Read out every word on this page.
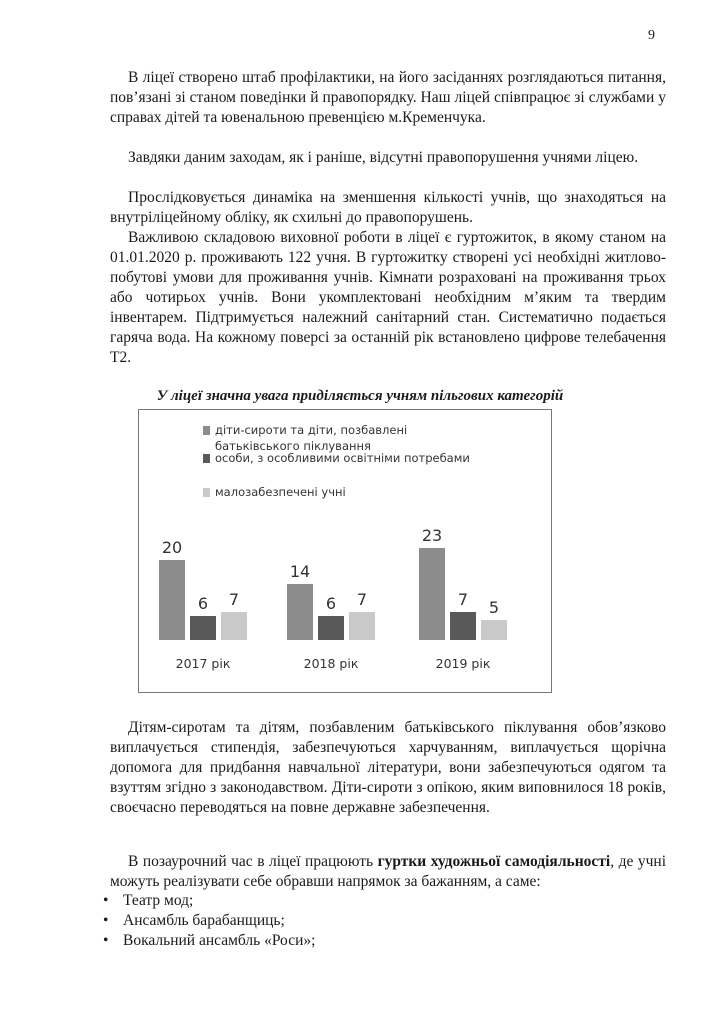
9

В ліцеї створено штаб профілактики, на його засіданнях розглядаються питання, пов’язані зі станом поведінки й правопорядку. Наш ліцей співпрацює зі службами у справах дітей та ювенальною превенцією м.Кременчука.

Завдяки даним заходам, як і раніше, відсутні правопорушення учнями ліцею.

Прослідковується динаміка на зменшення кількості учнів, що знаходяться на внутріліцейному обліку, як схильні до правопорушень.

Важливою складовою виховної роботи в ліцеї є гуртожиток, в якому станом на 01.01.2020 р. проживають 122 учня. В гуртожитку створені усі необхідні житлово-побутові умови для проживання учнів. Кімнати розраховані на проживання трьох або чотирьох учнів. Вони укомплектовані необхідним м’яким та твердим інвентарем. Підтримується належний санітарний стан. Систематично подається гаряча вода. На кожному поверсі за останній рік встановлено цифрове телебачення Т2.

У ліцеї значна увага приділяється учням пільгових категорій
діти-сироти та діти, позбавлені
батьківського піклування
особи, з особливими освітніми потребами
малозабезпечені учні
20
6 7
2017 рік
14
6 7
2018 рік
23
7 5
2019 рік

Дітям-сиротам та дітям, позбавленим батьківського піклування обов’язково виплачується стипендія, забезпечуються харчуванням, виплачується щорічна допомога для придбання навчальної літератури, вони забезпечуються одягом та взуттям згідно з законодавством. Діти-сироти з опікою, яким виповнилося 18 років, своєчасно переводяться на повне державне забезпечення.

В позаурочний час в ліцеї працюють гуртки художньої самодіяльності, де учні можуть реалізувати себе обравши напрямок за бажанням, а саме:

• Театр мод;
• Ансамбль барабанщиць;
• Вокальний ансамбль «Роси»;
